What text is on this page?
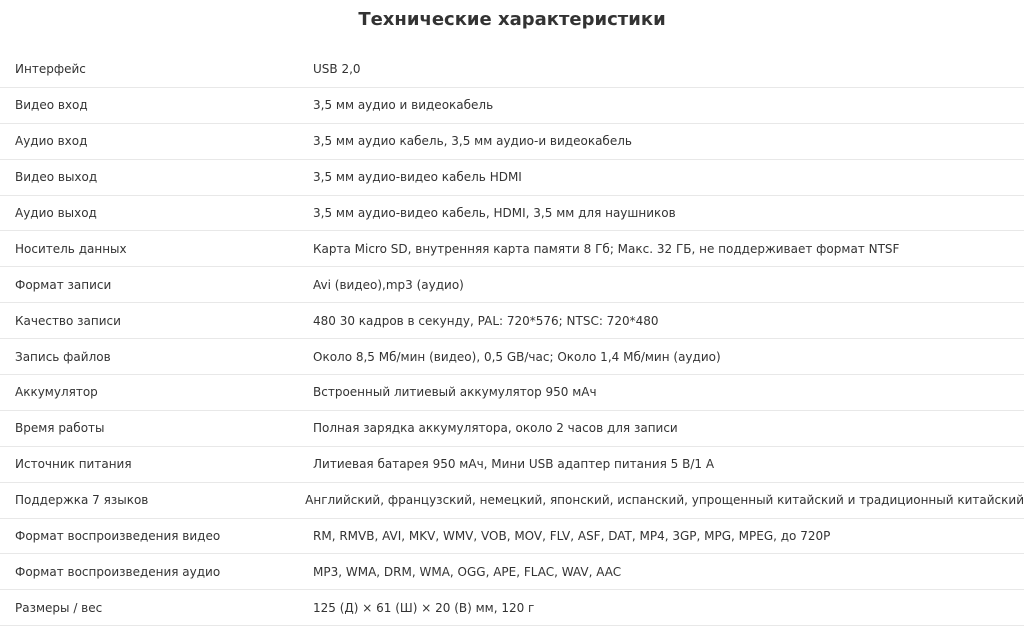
Технические характеристики
Интерфейс	USB 2,0
Видео вход	3,5 мм аудио и видеокабель
Аудио вход	3,5 мм аудио кабель, 3,5 мм аудио-и видеокабель
Видео выход	3,5 мм аудио-видео кабель HDMI
Аудио выход	3,5 мм аудио-видео кабель, HDMI, 3,5 мм для наушников
Носитель данных	Карта Micro SD, внутренняя карта памяти 8 Гб; Макс. 32 ГБ, не поддерживает формат NTSF
Формат записи	Avi (видео),mp3 (аудио)
Качество записи	480 30 кадров в секунду, PAL: 720*576; NTSC: 720*480
Запись файлов	Около 8,5 Мб/мин (видео), 0,5 GB/час; Около 1,4 Мб/мин (аудио)
Аккумулятор	Встроенный литиевый аккумулятор 950 мАч
Время работы	Полная зарядка аккумулятора, около 2 часов для записи
Источник питания	Литиевая батарея 950 мАч, Мини USB адаптер питания 5 В/1 А
Поддержка 7 языков	Английский, французский, немецкий, японский, испанский, упрощенный китайский и традиционный китайский
Формат воспроизведения видео	RM, RMVB, AVI, MKV, WMV, VOB, MOV, FLV, ASF, DAT, MP4, 3GP, MPG, MPEG, до 720P
Формат воспроизведения аудио	MP3, WMA, DRM, WMA, OGG, APE, FLAC, WAV, AAC
Размеры / вес	125 (Д) × 61 (Ш) × 20 (В) мм, 120 г
